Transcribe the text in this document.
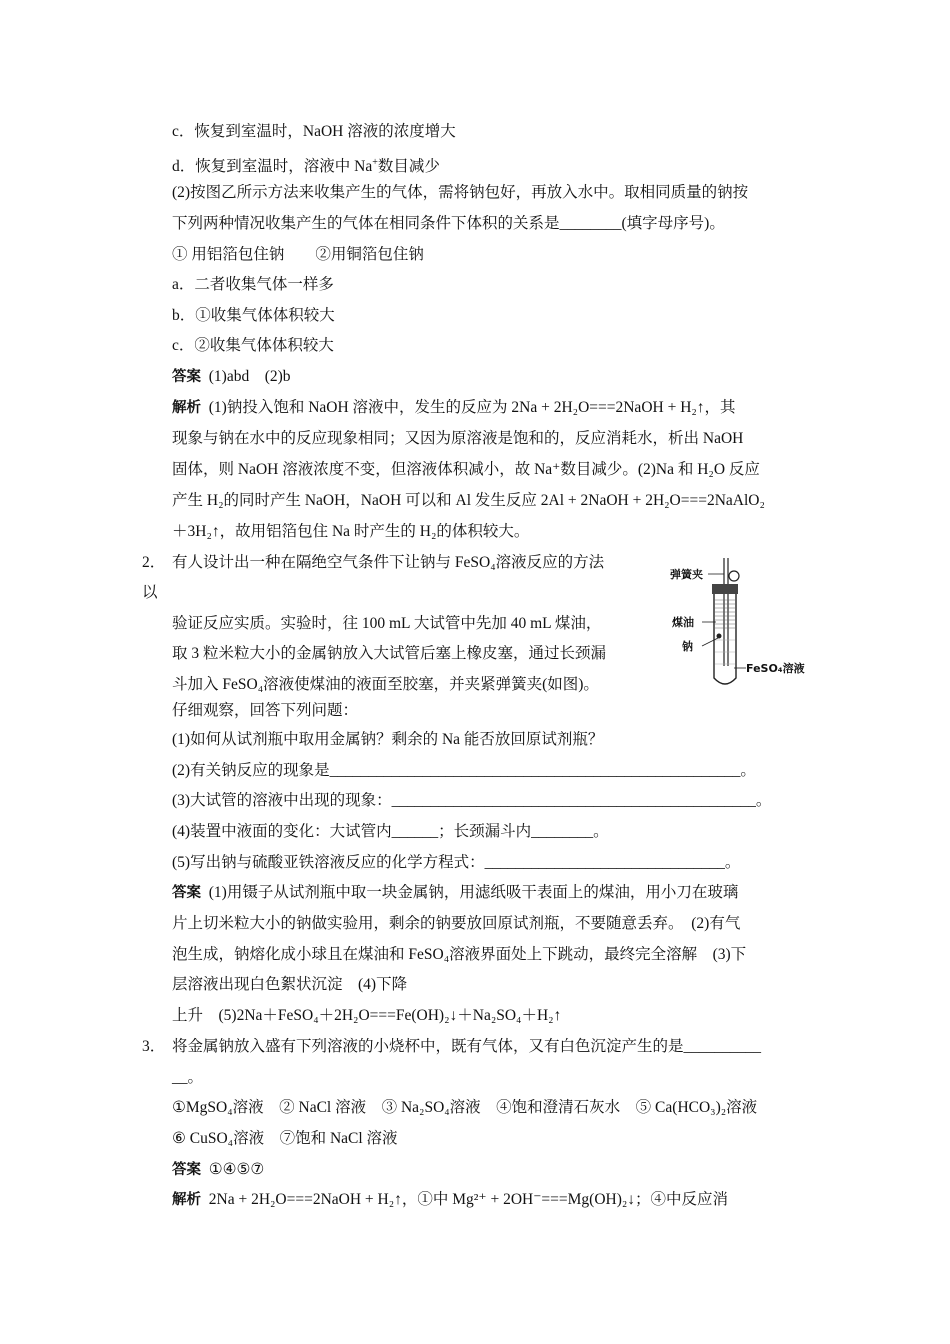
c．恢复到室温时，NaOH 溶液的浓度增大
d．恢复到室温时，溶液中 Na+数目减少
(2)按图乙所示方法来收集产生的气体，需将钠包好，再放入水中。取相同质量的钠按
下列两种情况收集产生的气体在相同条件下体积的关系是________(填字母序号)。
① 用铝箔包住钠　　②用铜箔包住钠
a．二者收集气体一样多
b．①收集气体体积较大
c．②收集气体体积较大
答案  (1)abd　(2)b
解析  (1)钠投入饱和 NaOH 溶液中，发生的反应为 2Na + 2H₂O===2NaOH + H₂↑，其
现象与钠在水中的反应现象相同；又因为原溶液是饱和的，反应消耗水，析出 NaOH
固体，则 NaOH 溶液浓度不变，但溶液体积减小，故 Na⁺数目减少。(2)Na 和 H₂O 反应
产生 H₂的同时产生 NaOH，NaOH 可以和 Al 发生反应 2Al + 2NaOH + 2H₂O===2NaAlO₂
＋3H₂↑，故用铝箔包住 Na 时产生的 H₂的体积较大。
2． 有人设计出一种在隔绝空气条件下让钠与 FeSO₄溶液反应的方法
以
验证反应实质。实验时，往 100 mL 大试管中先加 40 mL 煤油，
取 3 粒米粒大小的金属钠放入大试管后塞上橡皮塞，通过长颈漏
斗加入 FeSO₄溶液使煤油的液面至胶塞，并夹紧弹簧夹(如图)。
仔细观察，回答下列问题：
(1)如何从试剂瓶中取用金属钠？剩余的 Na 能否放回原试剂瓶？
(2)有关钠反应的现象是_____________________________________________________。
(3)大试管的溶液中出现的现象：_______________________________________________。
(4)装置中液面的变化：大试管内______；长颈漏斗内________。
(5)写出钠与硫酸亚铁溶液反应的化学方程式：_______________________________。
答案  (1)用镊子从试剂瓶中取一块金属钠，用滤纸吸干表面上的煤油，用小刀在玻璃
片上切米粒大小的钠做实验用，剩余的钠要放回原试剂瓶，不要随意丢弃。　(2)有气
泡生成，钠熔化成小球且在煤油和 FeSO₄溶液界面处上下跳动，最终完全溶解　(3)下
层溶液出现白色絮状沉淀　(4)下降
上升　(5)2Na＋FeSO₄＋2H₂O===Fe(OH)₂↓＋Na₂SO₄＋H₂↑
弹簧夹
煤油
钠
FeSO₄溶液
3． 将金属钠放入盛有下列溶液的小烧杯中，既有气体，又有白色沉淀产生的是__________
__。
①MgSO₄溶液　② NaCl 溶液　③ Na₂SO₄溶液　④饱和澄清石灰水　⑤ Ca(HCO₃)₂溶液
⑥ CuSO₄溶液　⑦饱和 NaCl 溶液
答案  ①④⑤⑦
解析  2Na + 2H₂O===2NaOH + H₂↑，①中 Mg²⁺ + 2OH⁻===Mg(OH)₂↓；④中反应消
